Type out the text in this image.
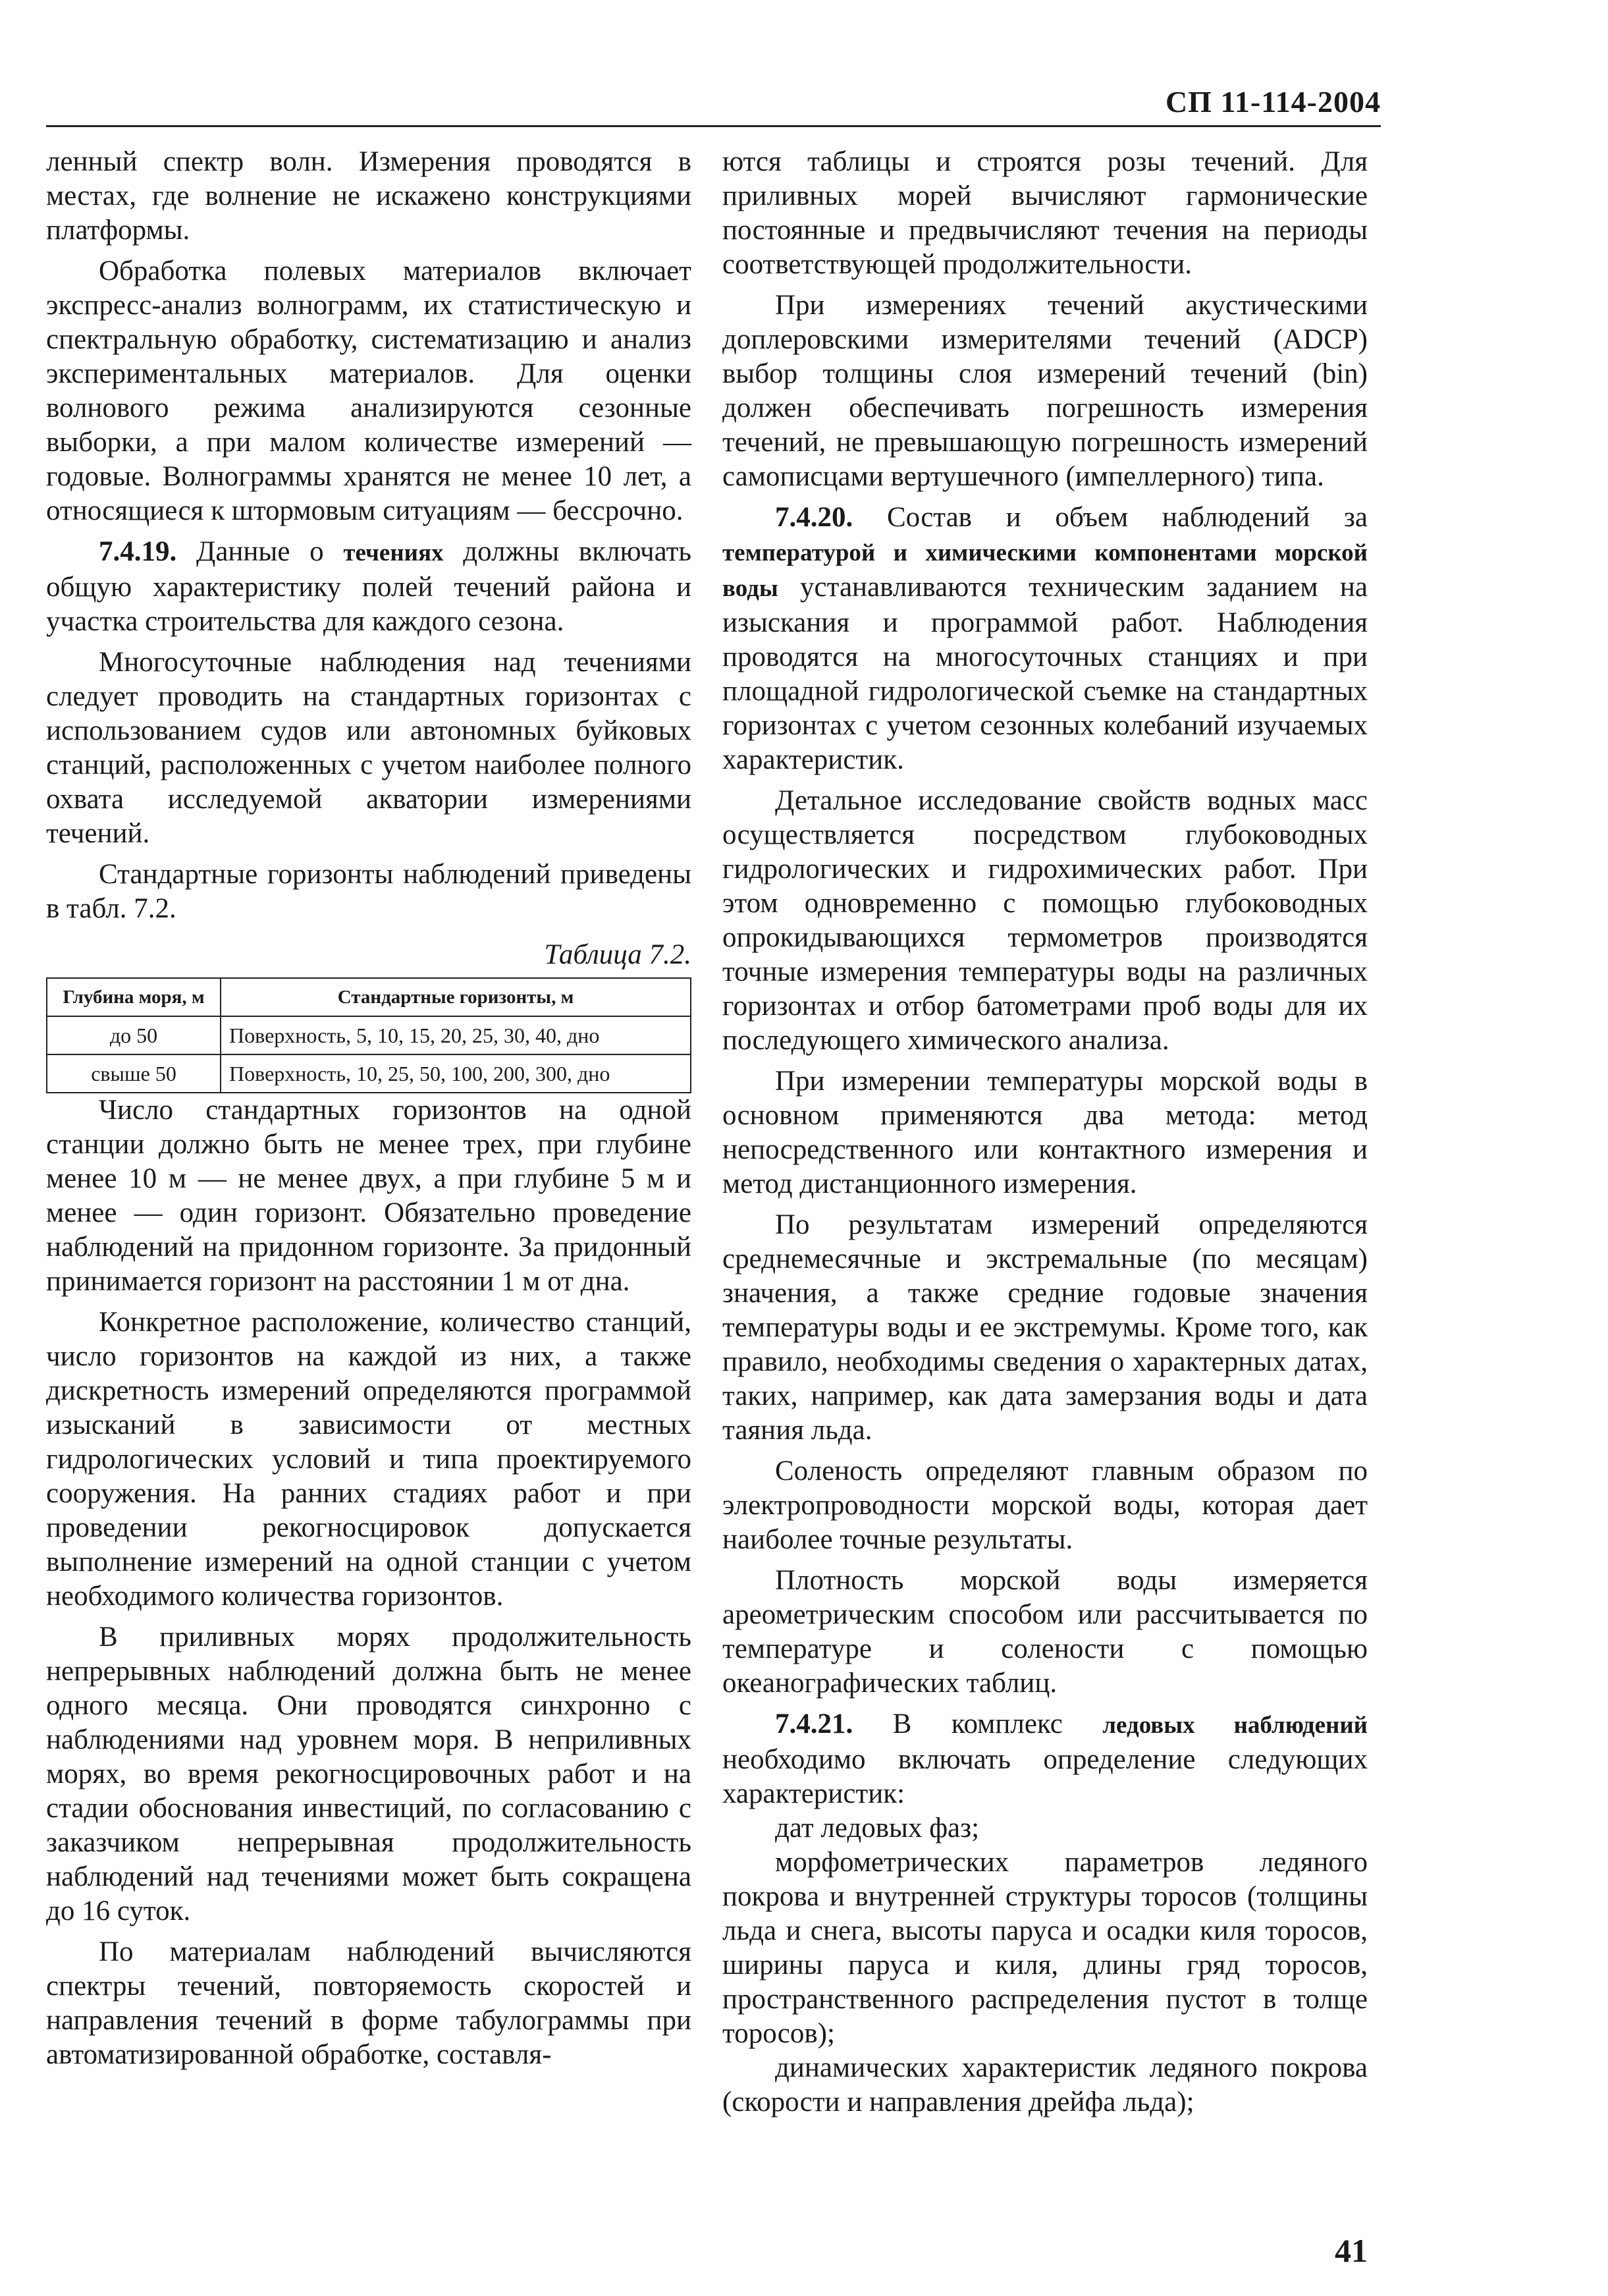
СП 11-114-2004

ленный спектр волн. Измерения проводятся в местах, где волнение не искажено конструкциями платформы.

Обработка полевых материалов включает экспресс-анализ волнограмм, их статистическую и спектральную обработку, систематизацию и анализ экспериментальных материалов. Для оценки волнового режима анализируются сезонные выборки, а при малом количестве измерений — годовые. Волнограммы хранятся не менее 10 лет, а относящиеся к штормовым ситуациям — бессрочно.

7.4.19. Данные о течениях должны включать общую характеристику полей течений района и участка строительства для каждого сезона.

Многосуточные наблюдения над течениями следует проводить на стандартных горизонтах с использованием судов или автономных буйковых станций, расположенных с учетом наиболее полного охвата исследуемой акватории измерениями течений.

Стандартные горизонты наблюдений приведены в табл. 7.2.

Таблица 7.2.
Глубина моря, м	Стандартные горизонты, м
до 50	Поверхность, 5, 10, 15, 20, 25, 30, 40, дно
свыше 50	Поверхность, 10, 25, 50, 100, 200, 300, дно

Число стандартных горизонтов на одной станции должно быть не менее трех, при глубине менее 10 м — не менее двух, а при глубине 5 м и менее — один горизонт. Обязательно проведение наблюдений на придонном горизонте. За придонный принимается горизонт на расстоянии 1 м от дна.

Конкретное расположение, количество станций, число горизонтов на каждой из них, а также дискретность измерений определяются программой изысканий в зависимости от местных гидрологических условий и типа проектируемого сооружения. На ранних стадиях работ и при проведении рекогносцировок допускается выполнение измерений на одной станции с учетом необходимого количества горизонтов.

В приливных морях продолжительность непрерывных наблюдений должна быть не менее одного месяца. Они проводятся синхронно с наблюдениями над уровнем моря. В неприливных морях, во время рекогносцировочных работ и на стадии обоснования инвестиций, по согласованию с заказчиком непрерывная продолжительность наблюдений над течениями может быть сокращена до 16 суток.

По материалам наблюдений вычисляются спектры течений, повторяемость скоростей и направления течений в форме табулограммы при автоматизированной обработке, составля-

ются таблицы и строятся розы течений. Для приливных морей вычисляют гармонические постоянные и предвычисляют течения на периоды соответствующей продолжительности.

При измерениях течений акустическими доплеровскими измерителями течений (ADCP) выбор толщины слоя измерений течений (bin) должен обеспечивать погрешность измерения течений, не превышающую погрешность измерений самописцами вертушечного (импеллерного) типа.

7.4.20. Состав и объем наблюдений за температурой и химическими компонентами морской воды устанавливаются техническим заданием на изыскания и программой работ. Наблюдения проводятся на многосуточных станциях и при площадной гидрологической съемке на стандартных горизонтах с учетом сезонных колебаний изучаемых характеристик.

Детальное исследование свойств водных масс осуществляется посредством глубоководных гидрологических и гидрохимических работ. При этом одновременно с помощью глубоководных опрокидывающихся термометров производятся точные измерения температуры воды на различных горизонтах и отбор батометрами проб воды для их последующего химического анализа.

При измерении температуры морской воды в основном применяются два метода: метод непосредственного или контактного измерения и метод дистанционного измерения.

По результатам измерений определяются среднемесячные и экстремальные (по месяцам) значения, а также средние годовые значения температуры воды и ее экстремумы. Кроме того, как правило, необходимы сведения о характерных датах, таких, например, как дата замерзания воды и дата таяния льда.

Соленость определяют главным образом по электропроводности морской воды, которая дает наиболее точные результаты.

Плотность морской воды измеряется ареометрическим способом или рассчитывается по температуре и солености с помощью океанографических таблиц.

7.4.21. В комплекс ледовых наблюдений необходимо включать определение следующих характеристик:

дат ледовых фаз;

морфометрических параметров ледяного покрова и внутренней структуры торосов (толщины льда и снега, высоты паруса и осадки киля торосов, ширины паруса и киля, длины гряд торосов, пространственного распределения пустот в толще торосов);

динамических характеристик ледяного покрова (скорости и направления дрейфа льда);

41
